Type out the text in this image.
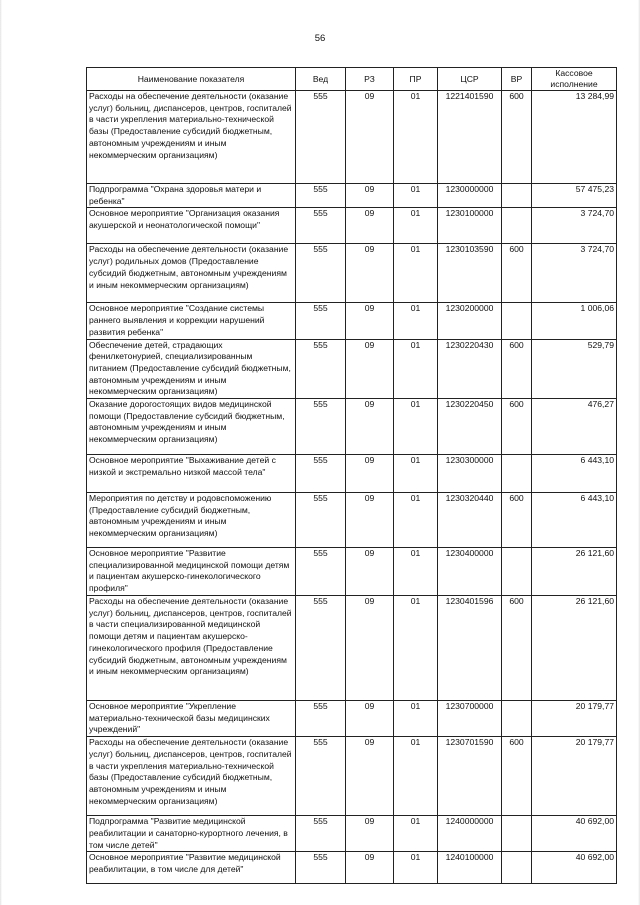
56
Наименование показателя	Вед	РЗ	ПР	ЦСР	ВР	Кассовое исполнение
Расходы на обеспечение деятельности (оказание услуг) больниц, диспансеров, центров, госпиталей в части укрепления материально-технической базы (Предоставление субсидий бюджетным, автономным учреждениям и иным некоммерческим организациям)	555	09	01	1221401590	600	13 284,99
Подпрограмма "Охрана здоровья матери и ребенка"	555	09	01	1230000000		57 475,23
Основное мероприятие "Организация оказания акушерской и неонатологической помощи"	555	09	01	1230100000		3 724,70
Расходы на обеспечение деятельности (оказание услуг) родильных домов (Предоставление субсидий бюджетным, автономным учреждениям и иным некоммерческим организациям)	555	09	01	1230103590	600	3 724,70
Основное мероприятие "Создание системы раннего выявления и коррекции нарушений развития ребенка"	555	09	01	1230200000		1 006,06
Обеспечение детей, страдающих фенилкетонурией, специализированным питанием (Предоставление субсидий бюджетным, автономным учреждениям и иным некоммерческим организациям)	555	09	01	1230220430	600	529,79
Оказание дорогостоящих видов медицинской помощи (Предоставление субсидий бюджетным, автономным учреждениям и иным некоммерческим организациям)	555	09	01	1230220450	600	476,27
Основное мероприятие "Выхаживание детей с низкой и экстремально низкой массой тела"	555	09	01	1230300000		6 443,10
Мероприятия по детству и родовспоможению (Предоставление субсидий бюджетным, автономным учреждениям и иным некоммерческим организациям)	555	09	01	1230320440	600	6 443,10
Основное мероприятие "Развитие специализированной медицинской помощи детям и пациентам акушерско-гинекологического профиля"	555	09	01	1230400000		26 121,60
Расходы на обеспечение деятельности (оказание услуг) больниц, диспансеров, центров, госпиталей в части специализированной медицинской помощи детям и пациентам акушерско-гинекологического профиля (Предоставление субсидий бюджетным, автономным учреждениям и иным некоммерческим организациям)	555	09	01	1230401596	600	26 121,60
Основное мероприятие "Укрепление материально-технической базы медицинских учреждений"	555	09	01	1230700000		20 179,77
Расходы на обеспечение деятельности (оказание услуг) больниц, диспансеров, центров, госпиталей в части укрепления материально-технической базы (Предоставление субсидий бюджетным, автономным учреждениям и иным некоммерческим организациям)	555	09	01	1230701590	600	20 179,77
Подпрограмма "Развитие медицинской реабилитации и санаторно-курортного лечения, в том числе детей"	555	09	01	1240000000		40 692,00
Основное мероприятие "Развитие медицинской реабилитации, в том числе для детей"	555	09	01	1240100000		40 692,00
